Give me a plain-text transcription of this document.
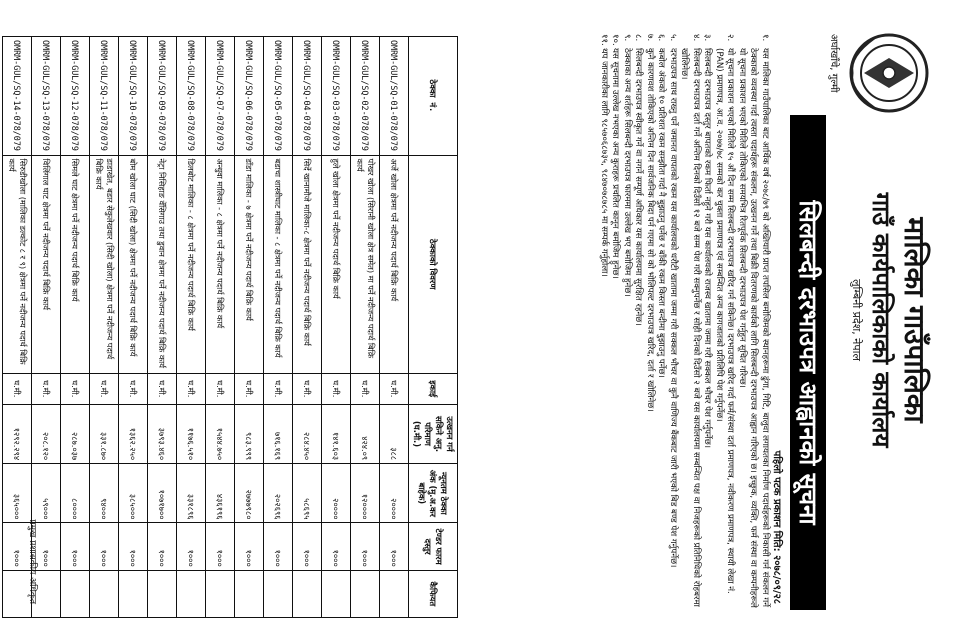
मालिका गाउँपालिका
गाउँ कार्यपालिकाको कार्यालय
लुम्बिनी प्रदेश, नेपाल
अर्घाखाँचे, गुल्मी
सिलबन्दी दरभाउपत्र आह्वानको सूचना
पहिलो पटक प्रकाशन मिति: २०७८/०९/२८
१.
यस मालिका गाउँपालिका बाट आर्थिक वर्ष २०७८/७९ को अख्तियारी प्राप्त तपसिल बमोजिमको स्थानहरूमा ढुंगा, गिटि, बालुवा लगायतका निर्माण पदार्थहरूको निकासी गर्न संकलन गर्ने ठेक्काको व्यवस्था गर्दा त्यस्ता पदार्थहरू संकलन, उत्खनन गर्ने तथा बिक्री वितरणको कार्यको लागि सिलबन्दी दरभाउपत्र आह्वान गरिएको छ। इच्छुक, व्यक्ति, फर्म संस्था वा कम्पनीहरूले यो सूचना प्रकाशन भएको मितिले तोकिएको समयभित्र रितपूर्वक सिलबन्दी दरभाउपत्र पेश गर्नुहुन सूचित गरिन्छ।
२.
यो सूचना प्रकाशन भएको मितिले १५ औं दिन सम्म सिलबन्दी दरभाउपत्र खरिद गर्न सकिनेछ। दरभाउपत्र खरिद गर्दा फर्म/संस्था दर्ता प्रमाणपत्र, नवीकरण प्रमाणपत्र, स्थायी लेखा नं. (PAN) प्रमाणपत्र, आ.व. २०७७/७८ सम्मको कर चुक्ता प्रमाणपत्र एवं सम्बन्धित अन्य कागजातको प्रतिलिपि पेश गर्नुपर्नेछ।
३.
सिलबन्दी दरभाउपत्र दस्तुर बापतको रकम फिर्ता नहुने गरी यस कार्यालयको राजस्व खातामा जम्मा गरी सक्कल भौचर पेश गर्नुपर्नेछ।
४.
सिलबन्दी दरभाउपत्र दर्ता गर्ने अन्तिम दिनको दिउँसो १२ बजे सम्म पेश गरी सक्नुपर्नेछ र सोही दिनको दिउँसो २ बजे यस कार्यालयमा सम्बन्धित पक्ष वा निजहरूको प्रतिनिधिको रोहबरमा खोलिनेछ।
५.
दरभाउपत्र साथ राख्नु पर्ने जमानत वापतको रकम यस कार्यालयको धरौटी खातामा जम्मा गरी सक्कल भौचर वा कुनै वाणिज्य बैंकबाट जारी भएको बिड बण्ड पेश गर्नुपर्नेछ।
६.
कबोल अंकको १० प्रतिशत रकम सम्झौता गर्दा नै बुझाउनु पर्नेछ र बाँकी रकम किस्ता बन्दीमा बुझाउनु पर्नेछ।
७.
कुनै कारणवश तोकिएको अन्तिम दिन सार्वजनिक बिदा पर्न गएमा सो को भोलिपल्ट दरभाउपत्र खरिद, दर्ता र खोलिनेछ।
८.
सिलबन्दी दरभाउपत्र स्वीकृत गर्ने वा नगर्ने सम्पूर्ण अधिकार यस कार्यालयमा सुरक्षित रहनेछ।
९.
ठेक्काका अन्य शर्तहरू सिलबन्दी दरभाउपत्र फारममा उल्लेख भए बमोजिम हुनेछ।
१०.
यस सूचनामा उल्लेख नभएका अन्य कुराहरू प्रचलित कानून बमोजिम हुनेछ।
११.
थप जानकारीका लागि ९८५७०६८७३५, ९८४७०७८७८५ मा सम्पर्क गर्नुहोला।
ठेक्का नं.	ठेक्काको विवरण	इकाई	उत्खनन गर्न सकिने अनु. परिमाण (घ.मी.)	न्यूनतम ठेक्का अंक (मु.अ.कर बाहेक)	टेण्डर फारम दस्तुर	कैफियत
OMRM-GUL/SQ-01-078/079	अर्जे खोला क्षेत्रमा पर्ने नदीजन्य पदार्थ बिक्रि कार्य	घ.मी.	३८८	२००००	१०००	
OMRM-GUL/SQ-02-078/079	पोखर खोला (सिरानी खोला क्षेत्र समेत) मा पर्ने नदीजन्य पदार्थ बिक्रि कार्य	घ.मी.	४२४.०९	१२००००	१०००	
OMRM-GUL/SQ-03-078/079	हुले खोला क्षेत्रमा पर्ने नदीजन्य पदार्थ बिक्रि कार्य	घ.मी.	१४१.६०३	२००००	१०००	
OMRM-GUL/SQ-04-078/079	सिर्दे खानामौजे मालिका-८ क्षेत्रमा पर्ने नदीजन्य पदार्थ बिक्रि कार्य	घ.मी.	२८४.४५०	५८६९५	१०००	
OMRM-GUL/SQ-05-078/079	बडाचा शास्त्रीघाट मालिका - ८ क्षेत्रमा पर्ने नदीजन्य पदार्थ बिक्रि कार्य	घ.मी.	७१६.१६९	२०२६९६	१०००	
OMRM-GUL/SQ-06-078/079	डाँडा मालिका - ७ क्षेत्रमा पर्ने नदीजन्य पदार्थ बिक्रि कार्य	घ.मी.	९८३.९९९	२७७७९८०	१०००	
OMRM-GUL/SQ-07-078/079	अन्धुवा मालिका - ८ क्षेत्रमा पर्ने नदीजन्य पदार्थ बिक्रि कार्य	घ.मी.	१५४४.७५०	४३६१९६	१०००	
OMRM-GUL/SQ-08-078/079	डिलबोट मालिका - ८ क्षेत्रमा पर्ने नदीजन्य पदार्थ बिक्रि कार्य	घ.मी.	११७६.५१०	३३१८९६	१०००	
OMRM-GUL/SQ-09-078/079	नेट्रा निसिहाङ वेँसिगाउ तथा डुवान क्षेत्रमा पर्ने नदीजन्य पदार्थ बिक्रि कार्य	घ.मी.	३७९३.४६०	१०७१७००	१०००	
OMRM-GUL/SQ-10-078/079	बोम खोला घाट (सिदी खोला) क्षेत्रमा पर्ने नदीजन्य पदार्थ बिक्रि कार्य	घ.मी.	१३६२.२५०	३८५०००	१०००	
OMRM-GUL/SQ-11-078/079	डाडाखेत, बडार सेकुलेखवार (सिदी खोला) क्षेत्रमा पर्ने नदीजन्य पदार्थ बिक्रि कार्य	घ.मी.	३३१.८७०	९४०००	१०००	
OMRM-GUL/SQ-12-078/079	सिमले घाट क्षेत्रमा पर्ने नदीजन्य पदार्थ बिक्रि कार्य	घ.मी.	२८७.०३७	८००००	१०००	
OMRM-GUL/SQ-13-078/079	विलिंगाल घाट क्षेत्रमा पर्ने नदीजन्य पदार्थ बिक्रि कार्य	घ.मी.	२०८.१२०	५९०००	१०००	
OMRM-GUL/SQ-14-078/079	सिरुडीखोला (मालिका डल्कोट ८ र ९) क्षेत्रमा पर्ने नदीजन्य पदार्थ बिक्रि कार्य	घ.मी.	१२९२.२९४	३६५०००	१०००	प्रमुख प्रशासकीय अधिकृत
